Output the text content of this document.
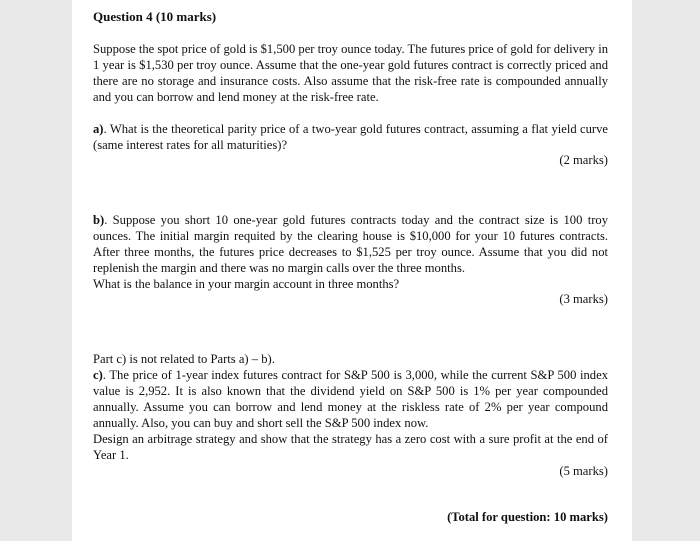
Question 4 (10 marks)
Suppose the spot price of gold is $1,500 per troy ounce today. The futures price of gold for delivery in 1 year is $1,530 per troy ounce. Assume that the one-year gold futures contract is correctly priced and there are no storage and insurance costs. Also assume that the risk-free rate is compounded annually and you can borrow and lend money at the risk-free rate.
a). What is the theoretical parity price of a two-year gold futures contract, assuming a flat yield curve (same interest rates for all maturities)?
(2 marks)
b). Suppose you short 10 one-year gold futures contracts today and the contract size is 100 troy ounces. The initial margin requited by the clearing house is $10,000 for your 10 futures contracts. After three months, the futures price decreases to $1,525 per troy ounce. Assume that you did not replenish the margin and there was no margin calls over the three months.
What is the balance in your margin account in three months?
(3 marks)
Part c) is not related to Parts a) – b).
c). The price of 1-year index futures contract for S&P 500 is 3,000, while the current S&P 500 index value is 2,952. It is also known that the dividend yield on S&P 500 is 1% per year compounded annually. Assume you can borrow and lend money at the riskless rate of 2% per year compound annually. Also, you can buy and short sell the S&P 500 index now.
Design an arbitrage strategy and show that the strategy has a zero cost with a sure profit at the end of Year 1.
(5 marks)
(Total for question: 10 marks)
